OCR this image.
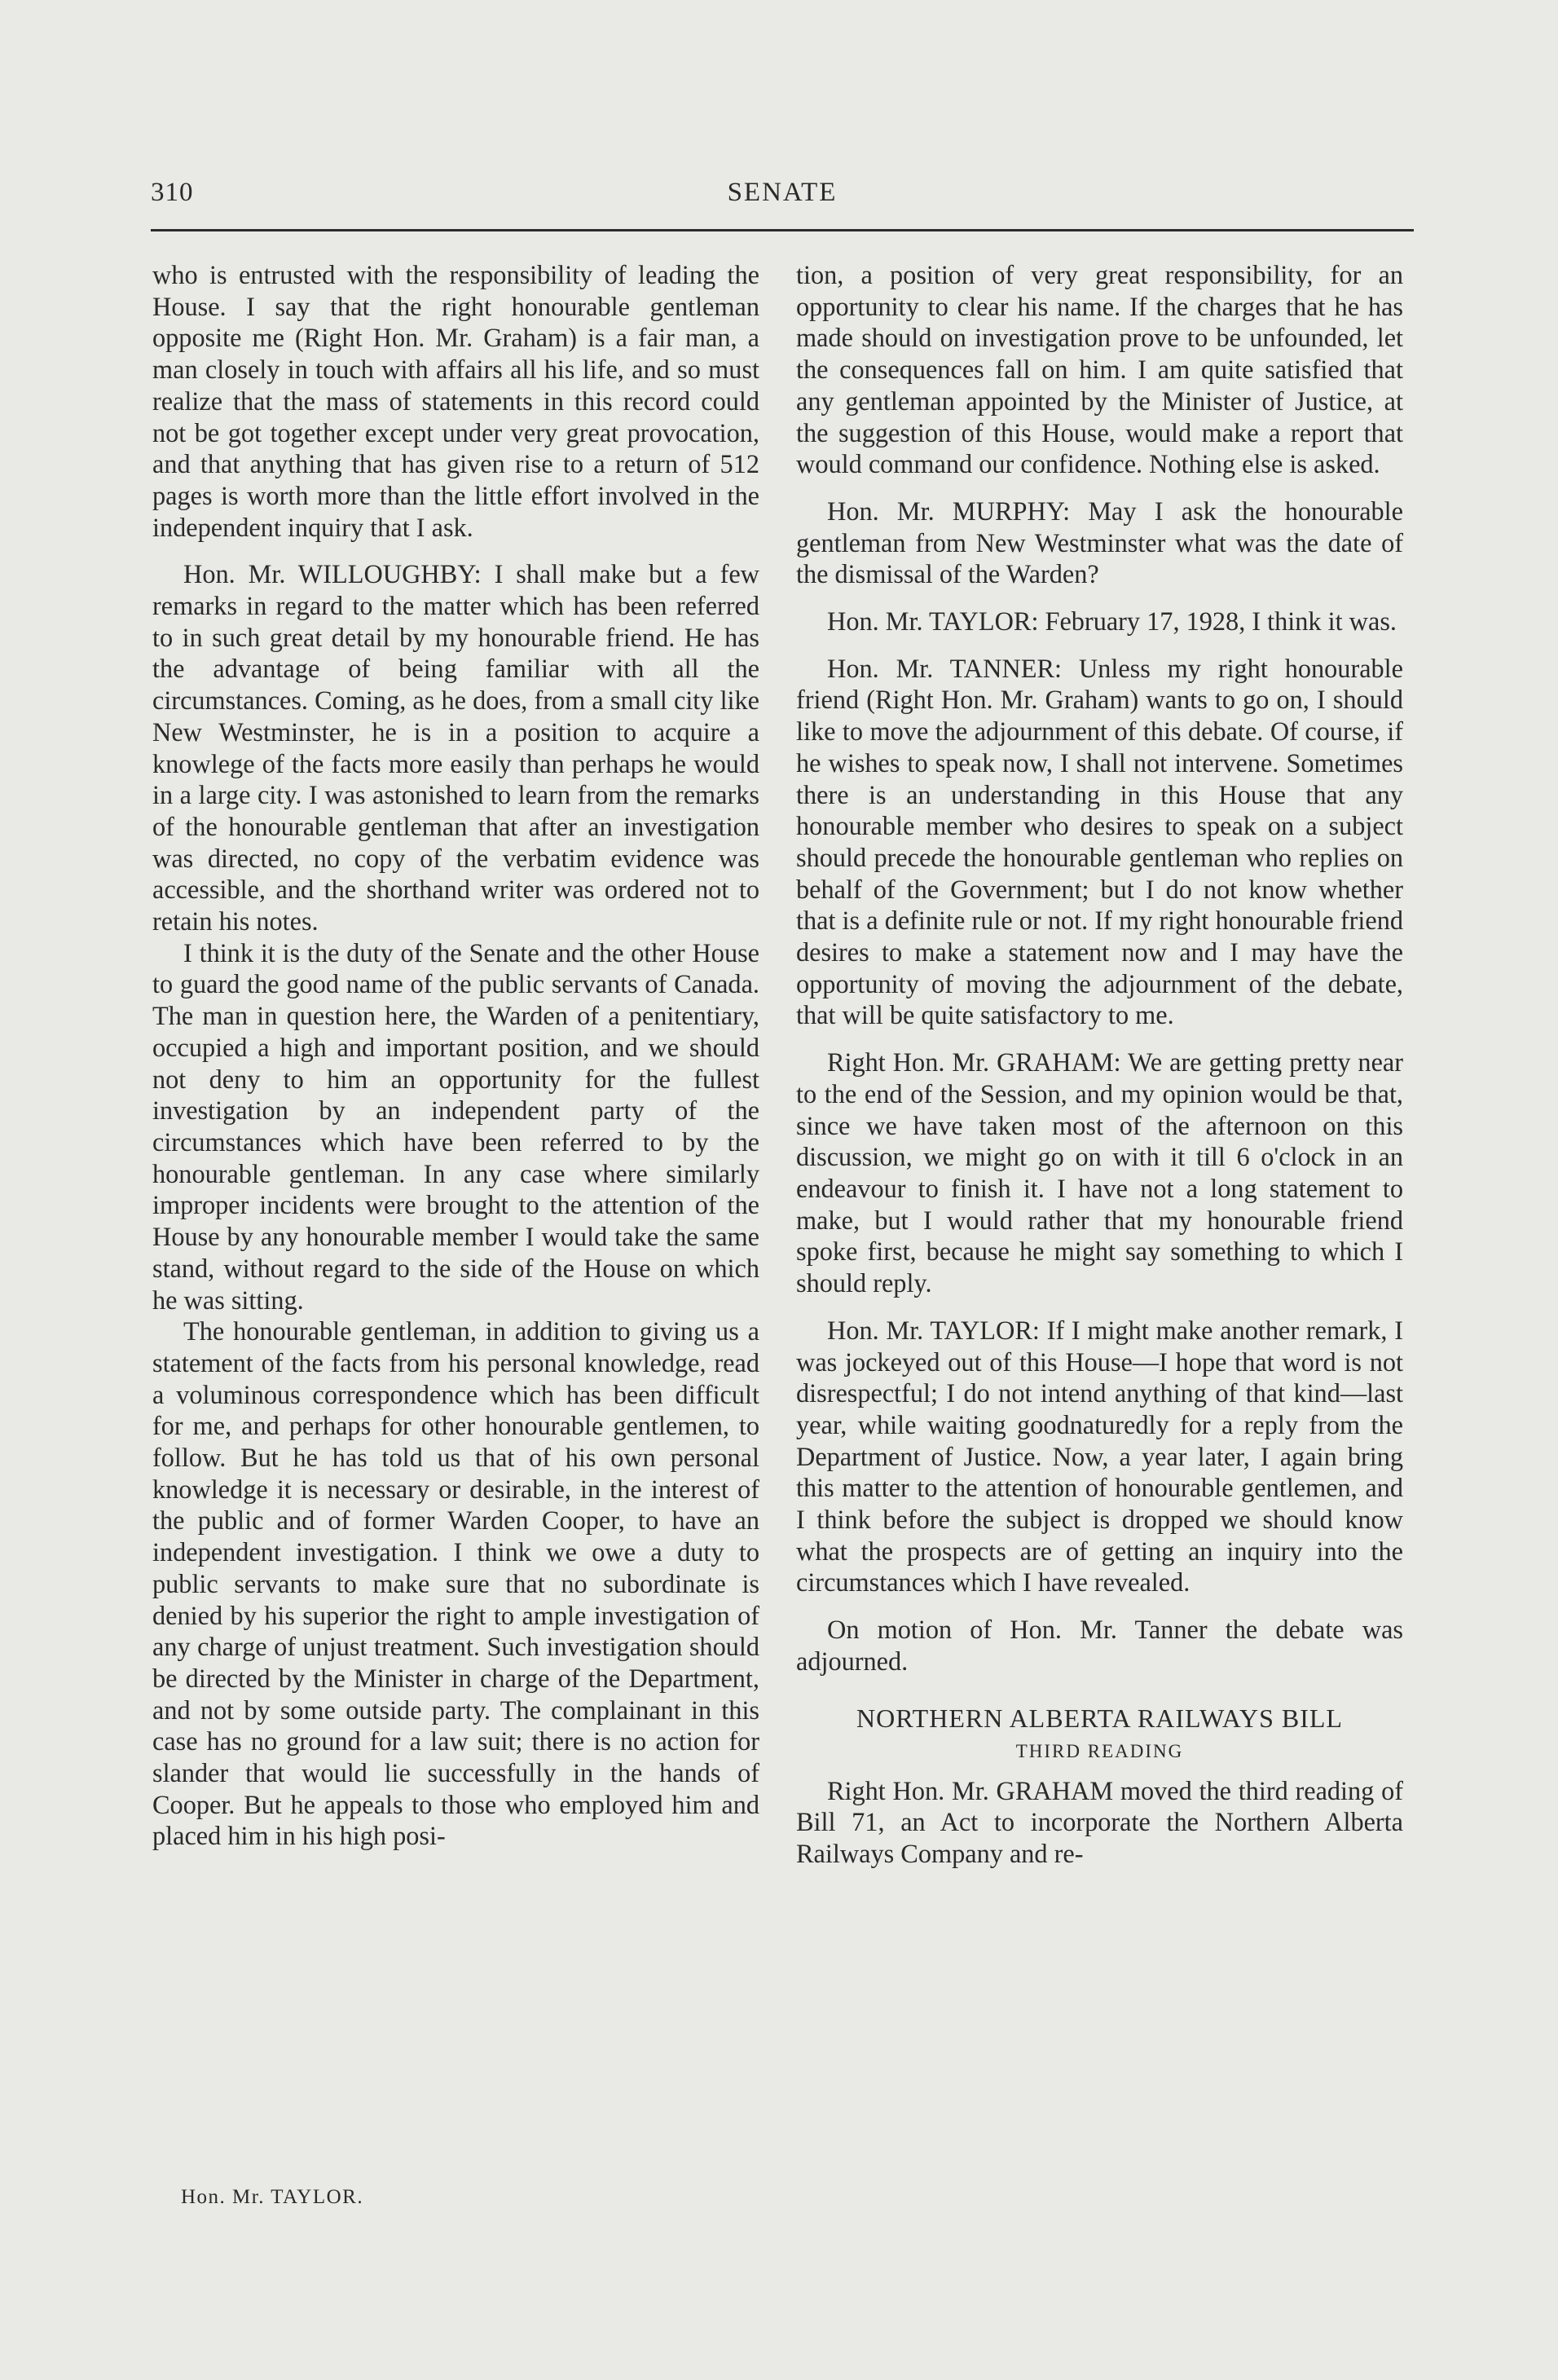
310	SENATE

who is entrusted with the responsibility of leading the House. I say that the right honourable gentleman opposite me (Right Hon. Mr. Graham) is a fair man, a man closely in touch with affairs all his life, and so must realize that the mass of statements in this record could not be got together except under very great provocation, and that anything that has given rise to a return of 512 pages is worth more than the little effort involved in the independent inquiry that I ask.

Hon. Mr. WILLOUGHBY: I shall make but a few remarks in regard to the matter which has been referred to in such great detail by my honourable friend. He has the advantage of being familiar with all the circumstances. Coming, as he does, from a small city like New Westminster, he is in a position to acquire a knowlege of the facts more easily than perhaps he would in a large city. I was astonished to learn from the remarks of the honourable gentleman that after an investigation was directed, no copy of the verbatim evidence was accessible, and the shorthand writer was ordered not to retain his notes.

I think it is the duty of the Senate and the other House to guard the good name of the public servants of Canada. The man in question here, the Warden of a penitentiary, occupied a high and important position, and we should not deny to him an opportunity for the fullest investigation by an independent party of the circumstances which have been referred to by the honourable gentleman. In any case where similarly improper incidents were brought to the attention of the House by any honourable member I would take the same stand, without regard to the side of the House on which he was sitting.

The honourable gentleman, in addition to giving us a statement of the facts from his personal knowledge, read a voluminous correspondence which has been difficult for me, and perhaps for other honourable gentlemen, to follow. But he has told us that of his own personal knowledge it is necessary or desirable, in the interest of the public and of former Warden Cooper, to have an independent investigation. I think we owe a duty to public servants to make sure that no subordinate is denied by his superior the right to ample investigation of any charge of unjust treatment. Such investigation should be directed by the Minister in charge of the Department, and not by some outside party. The complainant in this case has no ground for a law suit; there is no action for slander that would lie successfully in the hands of Cooper. But he appeals to those who employed him and placed him in his high posi-

tion, a position of very great responsibility, for an opportunity to clear his name. If the charges that he has made should on investigation prove to be unfounded, let the consequences fall on him. I am quite satisfied that any gentleman appointed by the Minister of Justice, at the suggestion of this House, would make a report that would command our confidence. Nothing else is asked.

Hon. Mr. MURPHY: May I ask the honourable gentleman from New Westminster what was the date of the dismissal of the Warden?

Hon. Mr. TAYLOR: February 17, 1928, I think it was.

Hon. Mr. TANNER: Unless my right honourable friend (Right Hon. Mr. Graham) wants to go on, I should like to move the adjournment of this debate. Of course, if he wishes to speak now, I shall not intervene. Sometimes there is an understanding in this House that any honourable member who desires to speak on a subject should precede the honourable gentleman who replies on behalf of the Government; but I do not know whether that is a definite rule or not. If my right honourable friend desires to make a statement now and I may have the opportunity of moving the adjournment of the debate, that will be quite satisfactory to me.

Right Hon. Mr. GRAHAM: We are getting pretty near to the end of the Session, and my opinion would be that, since we have taken most of the afternoon on this discussion, we might go on with it till 6 o'clock in an endeavour to finish it. I have not a long statement to make, but I would rather that my honourable friend spoke first, because he might say something to which I should reply.

Hon. Mr. TAYLOR: If I might make another remark, I was jockeyed out of this House—I hope that word is not disrespectful; I do not intend anything of that kind—last year, while waiting goodnaturedly for a reply from the Department of Justice. Now, a year later, I again bring this matter to the attention of honourable gentlemen, and I think before the subject is dropped we should know what the prospects are of getting an inquiry into the circumstances which I have revealed.

On motion of Hon. Mr. Tanner the debate was adjourned.

NORTHERN ALBERTA RAILWAYS BILL
THIRD READING

Right Hon. Mr. GRAHAM moved the third reading of Bill 71, an Act to incorporate the Northern Alberta Railways Company and re-

Hon. Mr. TAYLOR.
